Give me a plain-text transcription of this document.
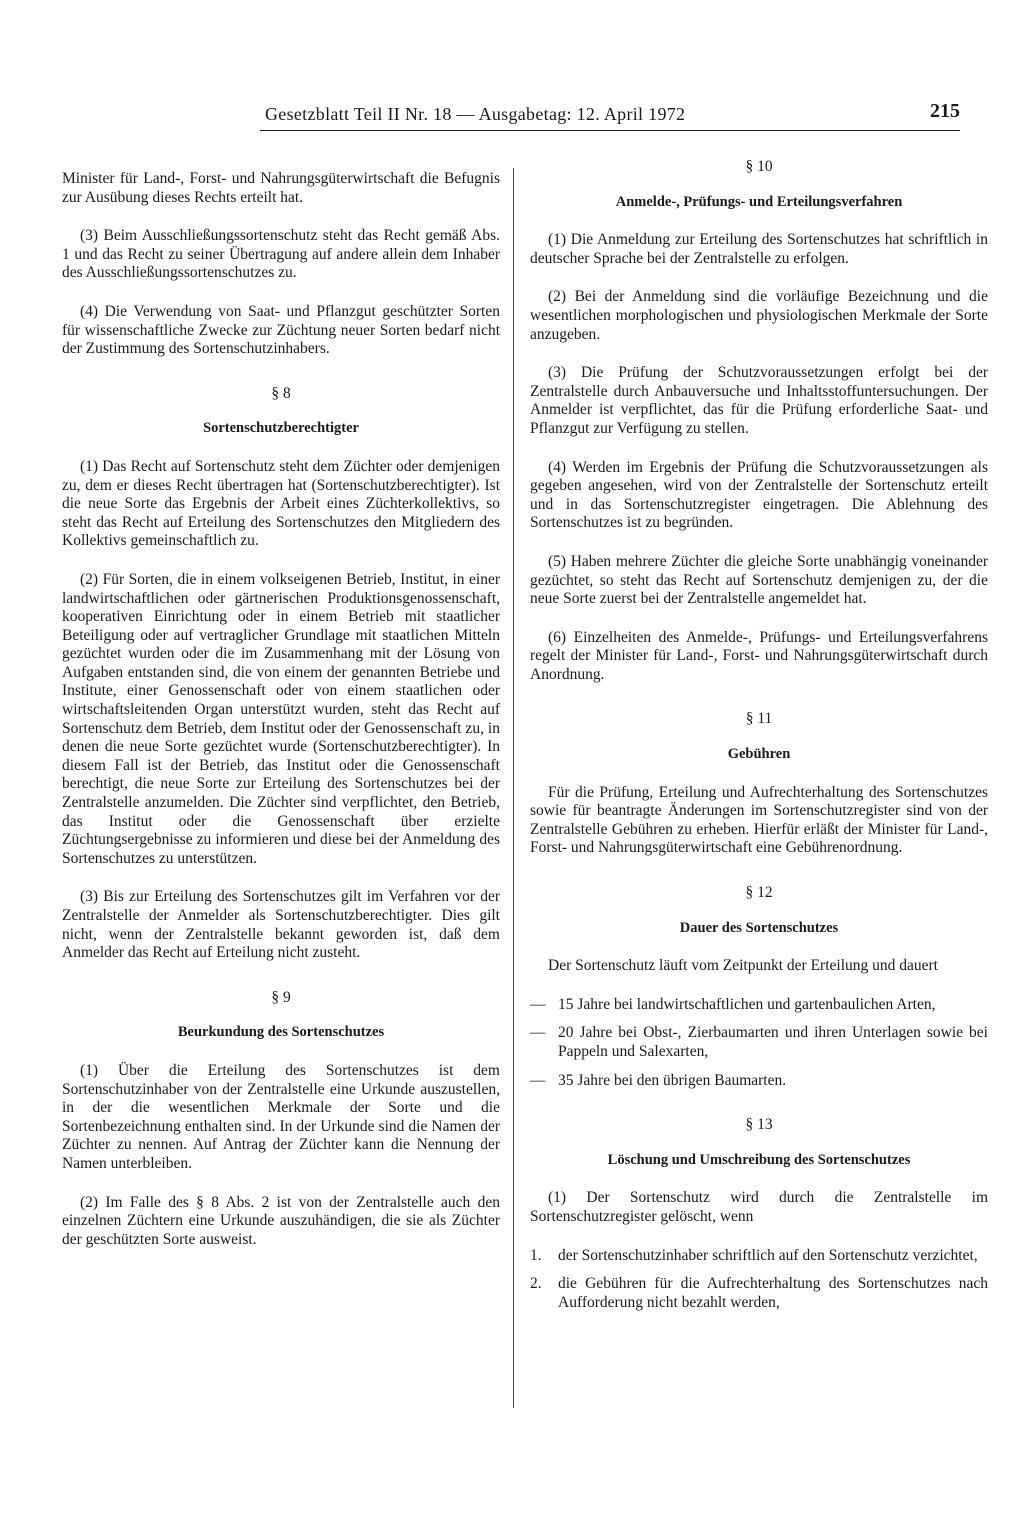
Gesetzblatt Teil II Nr. 18 — Ausgabetag: 12. April 1972	215

Minister für Land-, Forst- und Nahrungsgüterwirtschaft die Befugnis zur Ausübung dieses Rechts erteilt hat.

(3) Beim Ausschließungssortenschutz steht das Recht gemäß Abs. 1 und das Recht zu seiner Übertragung auf andere allein dem Inhaber des Ausschließungssortenschutzes zu.

(4) Die Verwendung von Saat- und Pflanzgut geschützter Sorten für wissenschaftliche Zwecke zur Züchtung neuer Sorten bedarf nicht der Zustimmung des Sortenschutzinhabers.

§ 8
Sortenschutzberechtigter

(1) Das Recht auf Sortenschutz steht dem Züchter oder demjenigen zu, dem er dieses Recht übertragen hat (Sortenschutzberechtigter). Ist die neue Sorte das Ergebnis der Arbeit eines Züchterkollektivs, so steht das Recht auf Erteilung des Sortenschutzes den Mitgliedern des Kollektivs gemeinschaftlich zu.

(2) Für Sorten, die in einem volkseigenen Betrieb, Institut, in einer landwirtschaftlichen oder gärtnerischen Produktionsgenossenschaft, kooperativen Einrichtung oder in einem Betrieb mit staatlicher Beteiligung oder auf vertraglicher Grundlage mit staatlichen Mitteln gezüchtet wurden oder die im Zusammenhang mit der Lösung von Aufgaben entstanden sind, die von einem der genannten Betriebe und Institute, einer Genossenschaft oder von einem staatlichen oder wirtschaftsleitenden Organ unterstützt wurden, steht das Recht auf Sortenschutz dem Betrieb, dem Institut oder der Genossenschaft zu, in denen die neue Sorte gezüchtet wurde (Sortenschutzberechtigter). In diesem Fall ist der Betrieb, das Institut oder die Genossenschaft berechtigt, die neue Sorte zur Erteilung des Sortenschutzes bei der Zentralstelle anzumelden. Die Züchter sind verpflichtet, den Betrieb, das Institut oder die Genossenschaft über erzielte Züchtungsergebnisse zu informieren und diese bei der Anmeldung des Sortenschutzes zu unterstützen.

(3) Bis zur Erteilung des Sortenschutzes gilt im Verfahren vor der Zentralstelle der Anmelder als Sortenschutzberechtigter. Dies gilt nicht, wenn der Zentralstelle bekannt geworden ist, daß dem Anmelder das Recht auf Erteilung nicht zusteht.

§ 9
Beurkundung des Sortenschutzes

(1) Über die Erteilung des Sortenschutzes ist dem Sortenschutzinhaber von der Zentralstelle eine Urkunde auszustellen, in der die wesentlichen Merkmale der Sorte und die Sortenbezeichnung enthalten sind. In der Urkunde sind die Namen der Züchter zu nennen. Auf Antrag der Züchter kann die Nennung der Namen unterbleiben.

(2) Im Falle des § 8 Abs. 2 ist von der Zentralstelle auch den einzelnen Züchtern eine Urkunde auszuhändigen, die sie als Züchter der geschützten Sorte ausweist.

§ 10
Anmelde-, Prüfungs- und Erteilungsverfahren

(1) Die Anmeldung zur Erteilung des Sortenschutzes hat schriftlich in deutscher Sprache bei der Zentralstelle zu erfolgen.

(2) Bei der Anmeldung sind die vorläufige Bezeichnung und die wesentlichen morphologischen und physiologischen Merkmale der Sorte anzugeben.

(3) Die Prüfung der Schutzvoraussetzungen erfolgt bei der Zentralstelle durch Anbauversuche und Inhaltsstoffuntersuchungen. Der Anmelder ist verpflichtet, das für die Prüfung erforderliche Saat- und Pflanzgut zur Verfügung zu stellen.

(4) Werden im Ergebnis der Prüfung die Schutzvoraussetzungen als gegeben angesehen, wird von der Zentralstelle der Sortenschutz erteilt und in das Sortenschutzregister eingetragen. Die Ablehnung des Sortenschutzes ist zu begründen.

(5) Haben mehrere Züchter die gleiche Sorte unabhängig voneinander gezüchtet, so steht das Recht auf Sortenschutz demjenigen zu, der die neue Sorte zuerst bei der Zentralstelle angemeldet hat.

(6) Einzelheiten des Anmelde-, Prüfungs- und Erteilungsverfahrens regelt der Minister für Land-, Forst- und Nahrungsgüterwirtschaft durch Anordnung.

§ 11
Gebühren

Für die Prüfung, Erteilung und Aufrechterhaltung des Sortenschutzes sowie für beantragte Änderungen im Sortenschutzregister sind von der Zentralstelle Gebühren zu erheben. Hierfür erläßt der Minister für Land-, Forst- und Nahrungsgüterwirtschaft eine Gebührenordnung.

§ 12
Dauer des Sortenschutzes

Der Sortenschutz läuft vom Zeitpunkt der Erteilung und dauert

— 15 Jahre bei landwirtschaftlichen und gartenbaulichen Arten,
— 20 Jahre bei Obst-, Zierbaumarten und ihren Unterlagen sowie bei Pappeln und Salexarten,
— 35 Jahre bei den übrigen Baumarten.
§ 13
Löschung und Umschreibung des Sortenschutzes

(1) Der Sortenschutz wird durch die Zentralstelle im Sortenschutzregister gelöscht, wenn

1. der Sortenschutzinhaber schriftlich auf den Sortenschutz verzichtet,
2. die Gebühren für die Aufrechterhaltung des Sortenschutzes nach Aufforderung nicht bezahlt werden,
